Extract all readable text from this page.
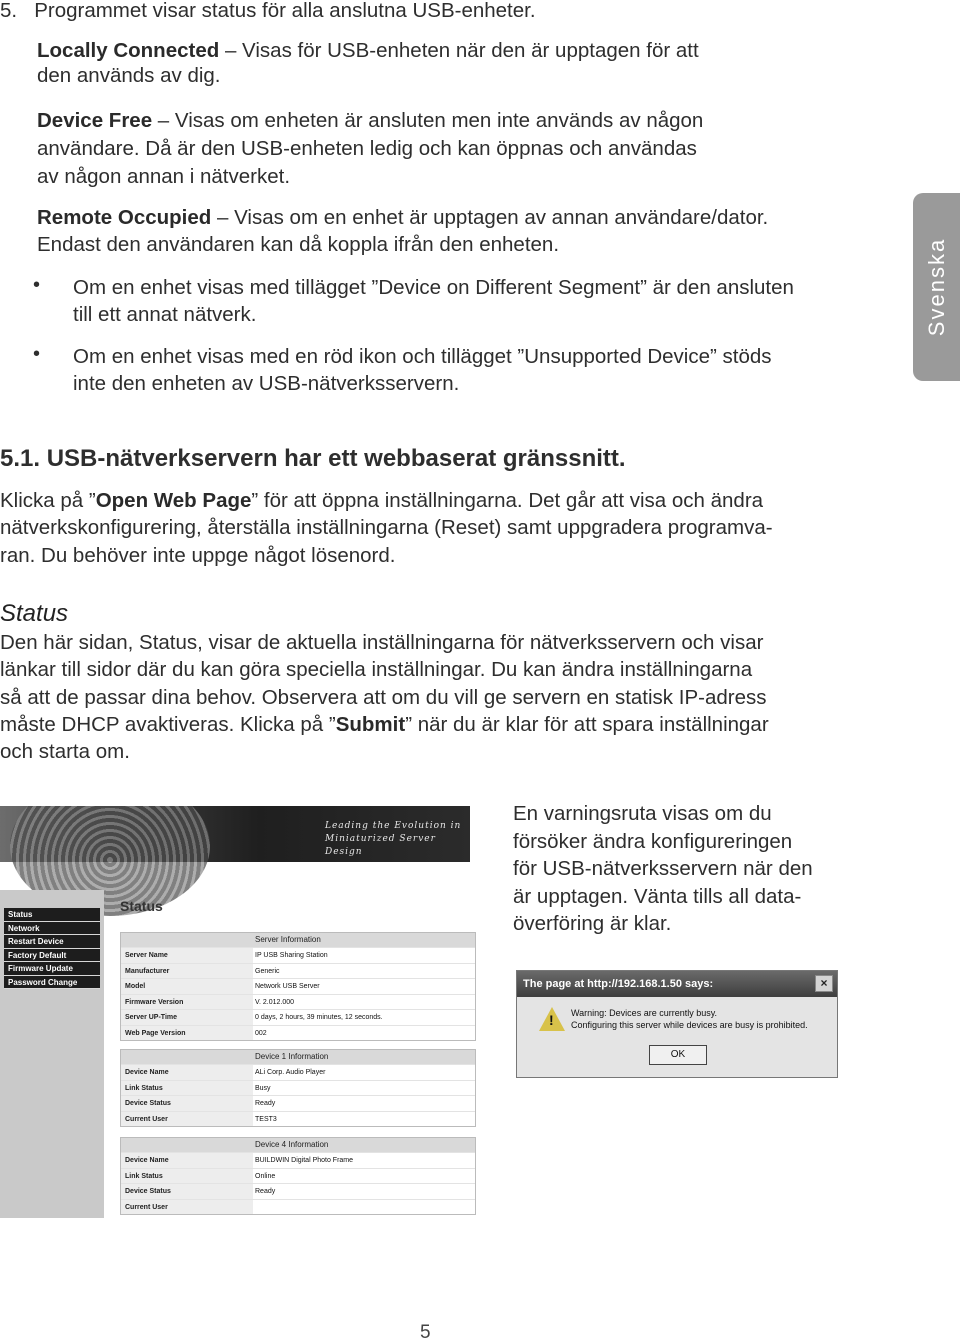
5. Programmet visar status för alla anslutna USB-enheter.
Locally Connected – Visas för USB-enheten när den är upptagen för att
den används av dig.
Device Free – Visas om enheten är ansluten men inte används av någon
användare. Då är den USB-enheten ledig och kan öppnas och användas
av någon annan i nätverket.
Remote Occupied – Visas om en enhet är upptagen av annan användare/dator.
Endast den användaren kan då koppla ifrån den enheten.
• Om en enhet visas med tillägget ”Device on Different Segment” är den ansluten
till ett annat nätverk.
• Om en enhet visas med en röd ikon och tillägget ”Unsupported Device” stöds
inte den enheten av USB-nätverksservern.
Svenska
5.1. USB-nätverkservern har ett webbaserat gränssnitt.
Klicka på ”Open Web Page” för att öppna inställningarna. Det går att visa och ändra
nätverkskonfigurering, återställa inställningarna (Reset) samt uppgradera programva-
ran. Du behöver inte uppge något lösenord.
Status
Den här sidan, Status, visar de aktuella inställningarna för nätverksservern och visar
länkar till sidor där du kan göra speciella inställningar. Du kan ändra inställningarna
så att de passar dina behov. Observera att om du vill ge servern en statisk IP-adress
måste DHCP avaktiveras. Klicka på ”Submit” när du är klar för att spara inställningar
och starta om.
En varningsruta visas om du
försöker ändra konfigureringen
för USB-nätverksservern när den
är upptagen. Vänta tills all data-
överföring är klar.
Leading the Evolution in
Miniaturized Server Design
Status
Network
Restart Device
Factory Default
Firmware Update
Password Change
Status
Server Information
Server Name	IP USB Sharing Station
Manufacturer	Generic
Model	Network USB Server
Firmware Version	V. 2.012.000
Server UP-Time	0 days, 2 hours, 39 minutes, 12 seconds.
Web Page Version	002
Device 1 Information
Device Name	ALi Corp. Audio Player
Link Status	Busy
Device Status	Ready
Current User	TEST3
Device 4 Information
Device Name	BUILDWIN Digital Photo Frame
Link Status	Online
Device Status	Ready
Current User
The page at http://192.168.1.50 says:	×
! Warning: Devices are currently busy.
Configuring this server while devices are busy is prohibited.
OK
5
